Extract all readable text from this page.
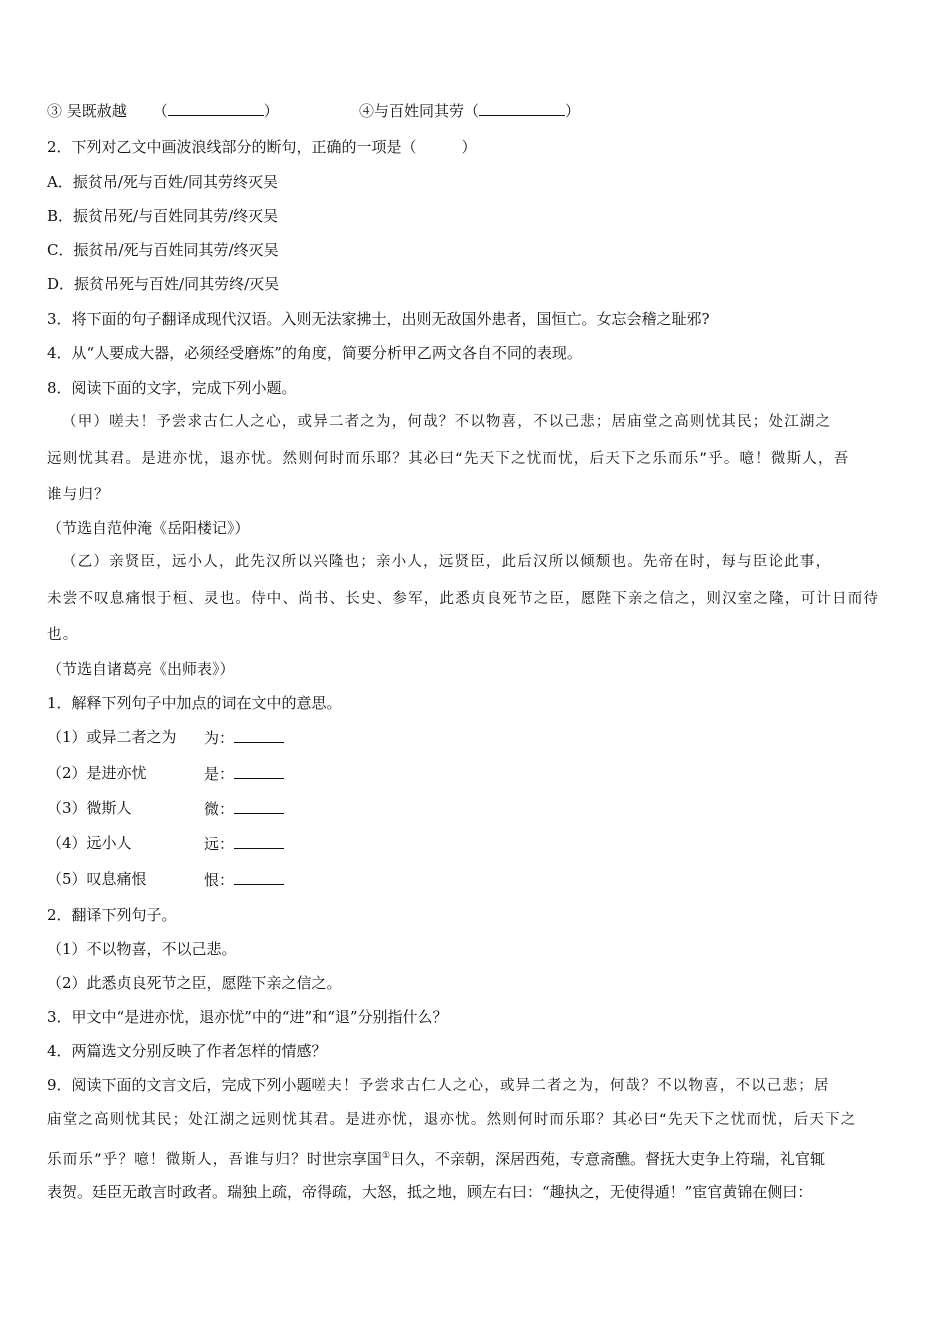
③ 吴既赦越 （	）	④与百姓同其劳（	）
2．下列对乙文中画波浪线部分的断句，正确的一项是（　　　）
A．振贫吊/死与百姓/同其劳终灭吴
B．振贫吊死/与百姓同其劳/终灭吴
C．振贫吊/死与百姓同其劳/终灭吴
D．振贫吊死与百姓/同其劳终/灭吴
3．将下面的句子翻译成现代汉语。入则无法家拂士，出则无敌国外患者，国恒亡。女忘会稽之耻邪?
4．从“人要成大器，必须经受磨炼”的角度，简要分析甲乙两文各自不同的表现。
8．阅读下面的文字，完成下列小题。
（甲）嗟夫！予尝求古仁人之心，或异二者之为，何哉？不以物喜，不以己悲；居庙堂之高则忧其民；处江湖之
远则忧其君。是进亦忧，退亦忧。然则何时而乐耶？其必曰“先天下之忧而忧，后天下之乐而乐”乎。噫！微斯人，吾
谁与归？
（节选自范仲淹《岳阳楼记》）
（乙）亲贤臣，远小人，此先汉所以兴隆也；亲小人，远贤臣，此后汉所以倾颓也。先帝在时，每与臣论此事，
未尝不叹息痛恨于桓、灵也。侍中、尚书、长史、参军，此悉贞良死节之臣，愿陛下亲之信之，则汉室之隆，可计日而待
也。
（节选自诸葛亮《出师表》）
1．解释下列句子中加点的词在文中的意思。
（1）或异二者之为 为：
（2）是进亦忧	是：
（3）微斯人	微：
（4）远小人	远：
（5）叹息痛恨	恨：
2．翻译下列句子。
（1）不以物喜，不以己悲。
（2）此悉贞良死节之臣，愿陛下亲之信之。
3．甲文中“是进亦忧，退亦忧”中的“进”和“退”分别指什么？
4．两篇选文分别反映了作者怎样的情感？
9．阅读下面的文言文后，完成下列小题嗟夫！予尝求古仁人之心，或异二者之为，何哉？不以物喜，不以己悲；居
庙堂之高则忧其民；处江湖之远则忧其君。是进亦忧，退亦忧。然则何时而乐耶？其必曰“先天下之忧而忧，后天下之
乐而乐”乎？噫！微斯人，吾谁与归？时世宗享国①日久，不亲朝，深居西苑，专意斋醮。督抚大吏争上符瑞，礼官辄
表贺。廷臣无敢言时政者。瑞独上疏，帝得疏，大怒，抵之地，顾左右曰：“趣执之，无使得遁！”宦官黄锦在侧曰：
